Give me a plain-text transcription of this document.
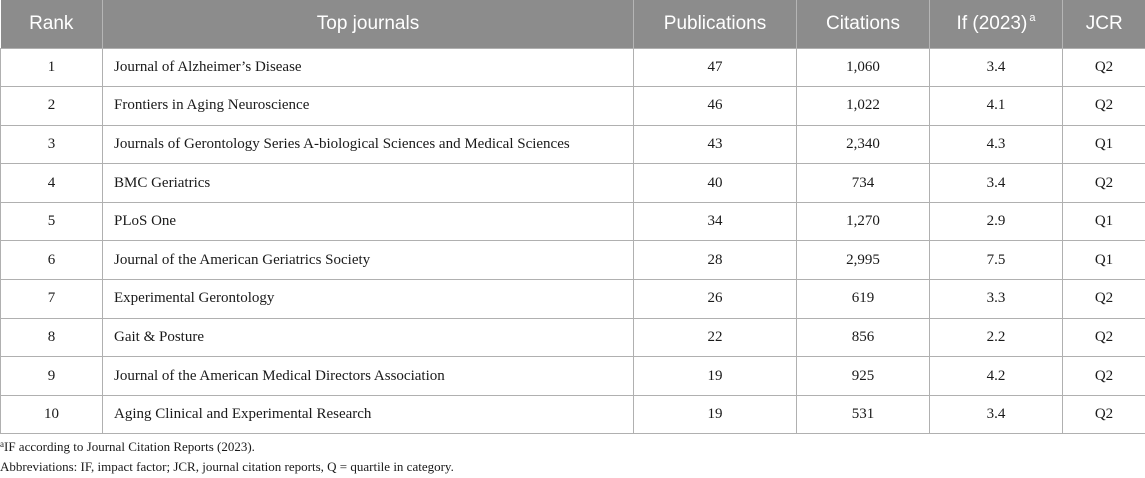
Rank	Top journals	Publications	Citations	If (2023) $^a$	JCR
1	Journal of Alzheimer’s Disease	47	1,060	3.4	Q2
2	Frontiers in Aging Neuroscience	46	1,022	4.1	Q2
3	Journals of Gerontology Series A-biological Sciences and Medical Sciences	43	2,340	4.3	Q1
4	BMC Geriatrics	40	734	3.4	Q2
5	PLoS One	34	1,270	2.9	Q1
6	Journal of the American Geriatrics Society	28	2,995	7.5	Q1
7	Experimental Gerontology	26	619	3.3	Q2
8	Gait & Posture	22	856	2.2	Q2
9	Journal of the American Medical Directors Association	19	925	4.2	Q2
10	Aging Clinical and Experimental Research	19	531	3.4	Q2
$^a$IF according to Journal Citation Reports (2023).
Abbreviations: IF, impact factor; JCR, journal citation reports, Q = quartile in category.
